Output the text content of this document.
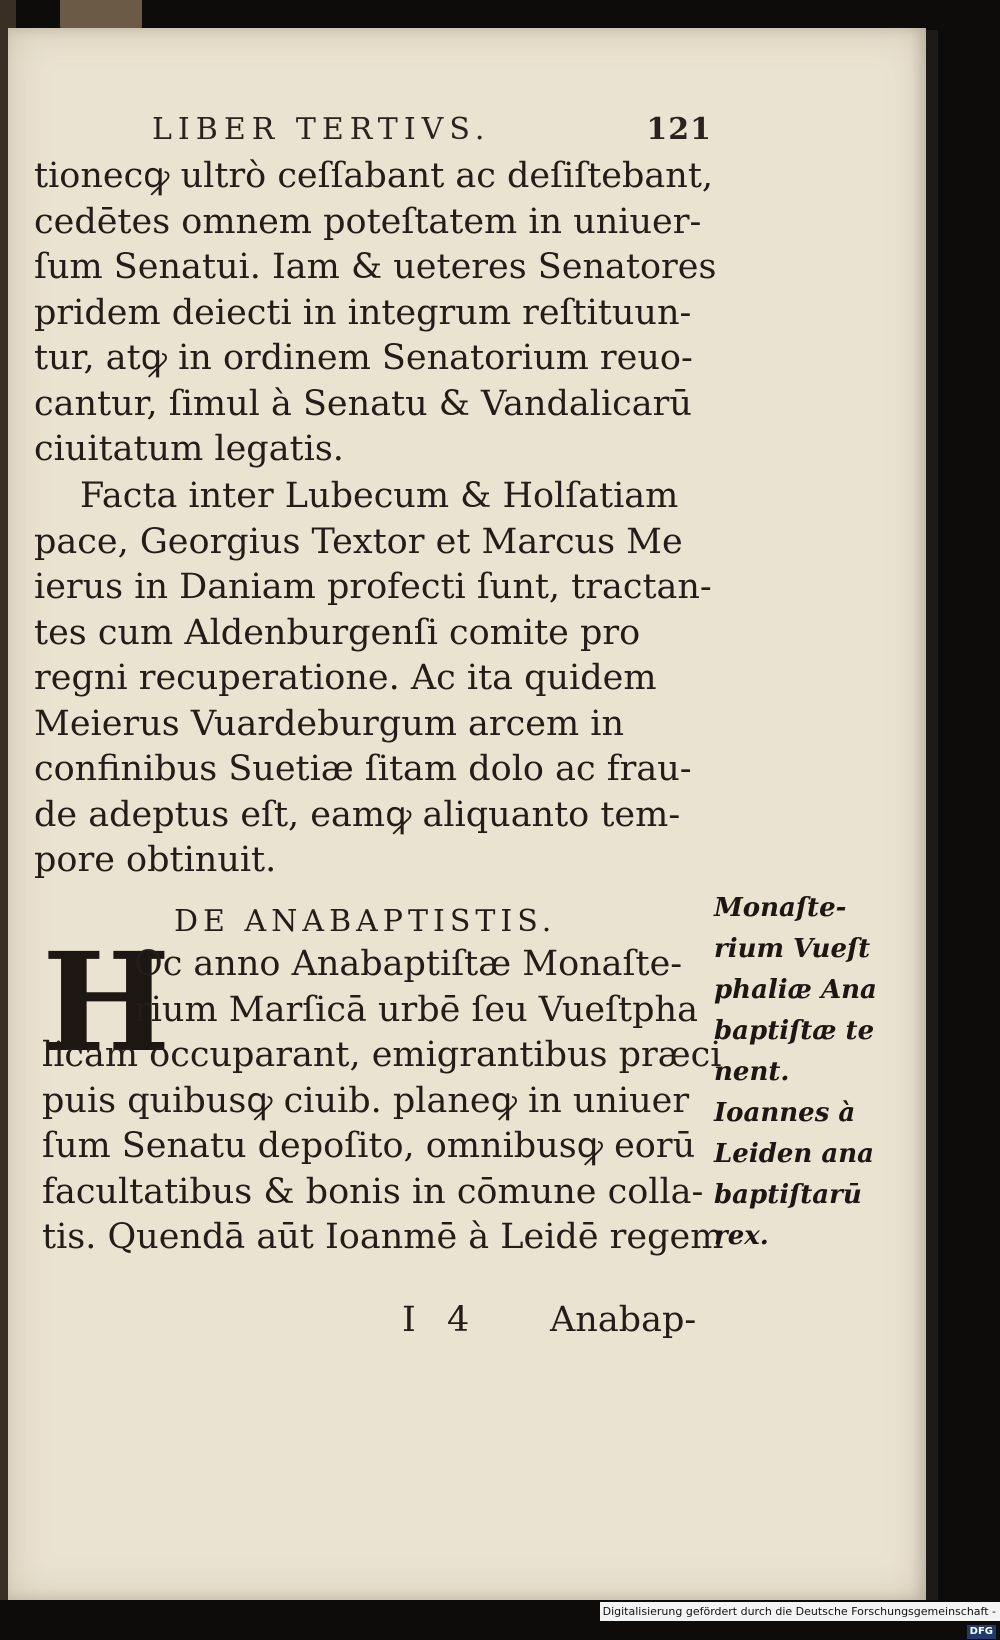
LIBER TERTIVS.	121
tionecꝙ ultrò ceſſabant ac deſiſtebant,
cedētes omnem poteſtatem in uniuer-
ſum Senatui. Iam & ueteres Senatores
pridem deiecti in integrum reſtituun-
tur, atꝙ in ordinem Senatorium reuo-
cantur, ſimul à Senatu & Vandalicarū
ciuitatum legatis.
Facta inter Lubecum & Holſatiam
pace, Georgius Textor et Marcus Me
ierus in Daniam profecti ſunt, tractan-
tes cum Aldenburgenſi comite pro
regni recuperatione. Ac ita quidem
Meierus Vuardeburgum arcem in
confinibus Suetiæ ſitam dolo ac frau-
de adeptus eſt, eamꝙ aliquanto tem-
pore obtinuit.
DE ANABAPTISTIS.
H
Oc anno Anabaptiſtæ Monaſte-
rium Marſicā urbē ſeu Vueſtpha
licam occuparant, emigrantibus præci
puis quibusꝙ ciuib. planeꝙ in uniuer
ſum Senatu depoſito, omnibusꝙ eorū
facultatibus & bonis in cōmune colla-
tis. Quendā aūt Ioanmē à Leidē regem
Monaſte-
rium Vueſt
phaliæ Ana
baptiſtæ te
nent.
Ioannes à
Leiden ana
baptiſtarū
rex.
I 4 Anabap-
Digitalisierung gefördert durch die Deutsche Forschungsgemeinschaft - DFG
